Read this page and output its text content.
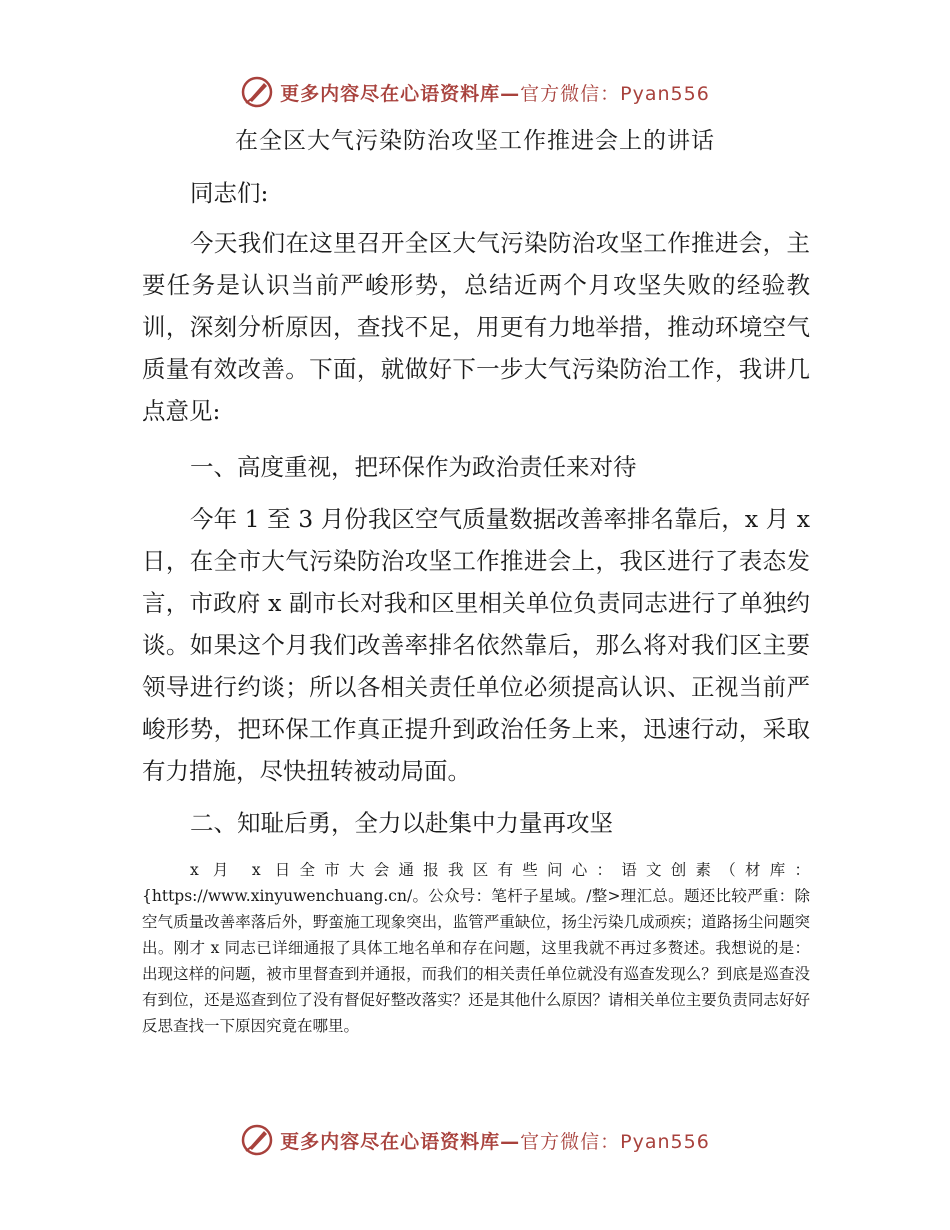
更多内容尽在心语资料库—官方微信：Pyan556
在全区大气污染防治攻坚工作推进会上的讲话
同志们:

今天我们在这里召开全区大气污染防治攻坚工作推进会，主要任务是认识当前严峻形势，总结近两个月攻坚失败的经验教训，深刻分析原因，查找不足，用更有力地举措，推动环境空气质量有效改善。下面，就做好下一步大气污染防治工作，我讲几点意见:

一、高度重视，把环保作为政治责任来对待

今年 1 至 3 月份我区空气质量数据改善率排名靠后，x 月 x 日，在全市大气污染防治攻坚工作推进会上，我区进行了表态发言，市政府 x 副市长对我和区里相关单位负责同志进行了单独约谈。如果这个月我们改善率排名依然靠后，那么将对我们区主要领导进行约谈；所以各相关责任单位必须提高认识、正视当前严峻形势，把环保工作真正提升到政治任务上来，迅速行动，采取有力措施，尽快扭转被动局面。

二、知耻后勇，全力以赴集中力量再攻坚

x 月 x 日全市大会通报我区有些问心：语文创素（材库：{https://www.xinyuwenchuang.cn/。公众号：笔杆子星域。/整>理汇总。题还比较严重：除空气质量改善率落后外，野蛮施工现象突出，监管严重缺位，扬尘污染几成顽疾；道路扬尘问题突出。刚才 x 同志已详细通报了具体工地名单和存在问题，这里我就不再过多赘述。我想说的是：出现这样的问题，被市里督查到并通报，而我们的相关责任单位就没有巡查发现么？到底是巡查没有到位，还是巡查到位了没有督促好整改落实？还是其他什么原因？请相关单位主要负责同志好好反思查找一下原因究竟在哪里。

更多内容尽在心语资料库—官方微信：Pyan556
